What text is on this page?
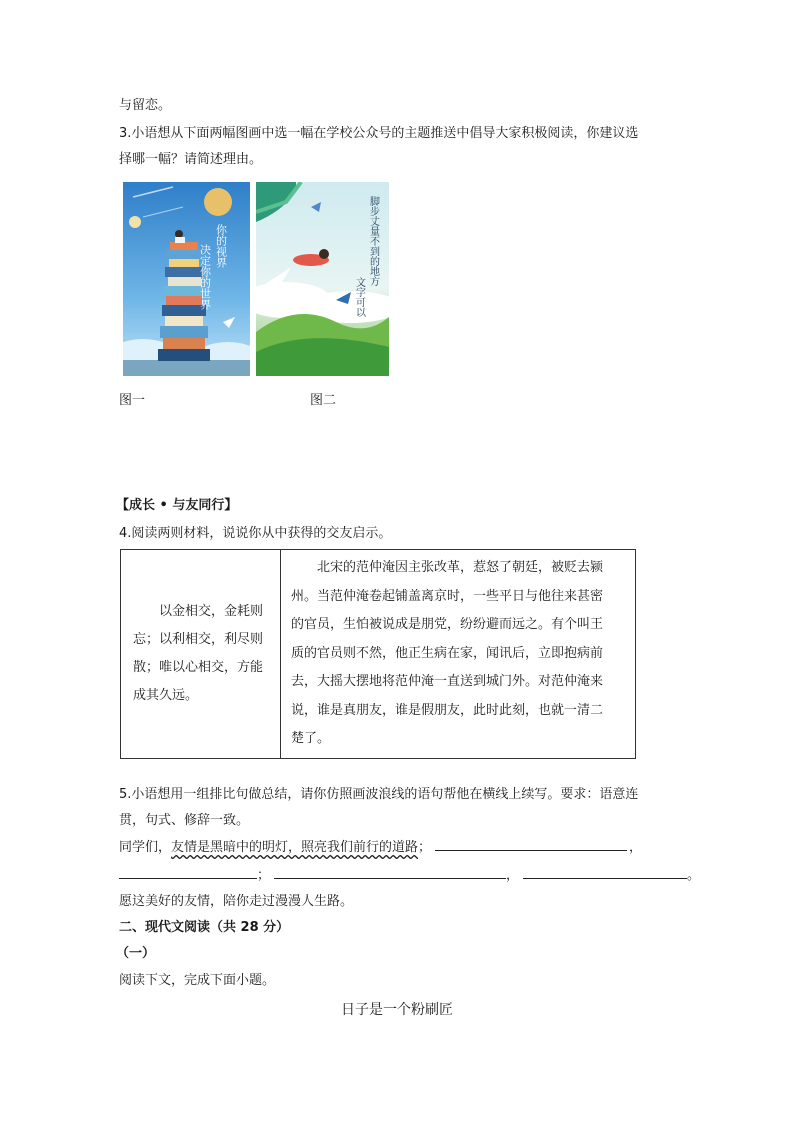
与留恋。
3.小语想从下面两幅图画中选一幅在学校公众号的主题推送中倡导大家积极阅读，你建议选
择哪一幅？请简述理由。
你的视界
决定你的世界	脚步丈量不到的地方
文字可以
图一	图二
【成长 • 与友同行】
4.阅读两则材料，说说你从中获得的交友启示。
以金相交，金耗则
忘；以利相交，利尽则
散；唯以心相交，方能
成其久远。

北宋的范仲淹因主张改革，惹怒了朝廷，被贬去颍
州。当范仲淹卷起铺盖离京时，一些平日与他往来甚密
的官员，生怕被说成是朋党，纷纷避而远之。有个叫王
质的官员则不然，他正生病在家，闻讯后，立即抱病前
去，大摇大摆地将范仲淹一直送到城门外。对范仲淹来
说，谁是真朋友，谁是假朋友，此时此刻，也就一清二
楚了。
5.小语想用一组排比句做总结，请你仿照画波浪线的语句帮他在横线上续写。要求：语意连
贯，句式、修辞一致。
同学们，友情是黑暗中的明灯，照亮我们前行的道路；	，
；	，	。
愿这美好的友情，陪你走过漫漫人生路。
二、现代文阅读（共 28 分）
（一）
阅读下文，完成下面小题。
日子是一个粉刷匠
